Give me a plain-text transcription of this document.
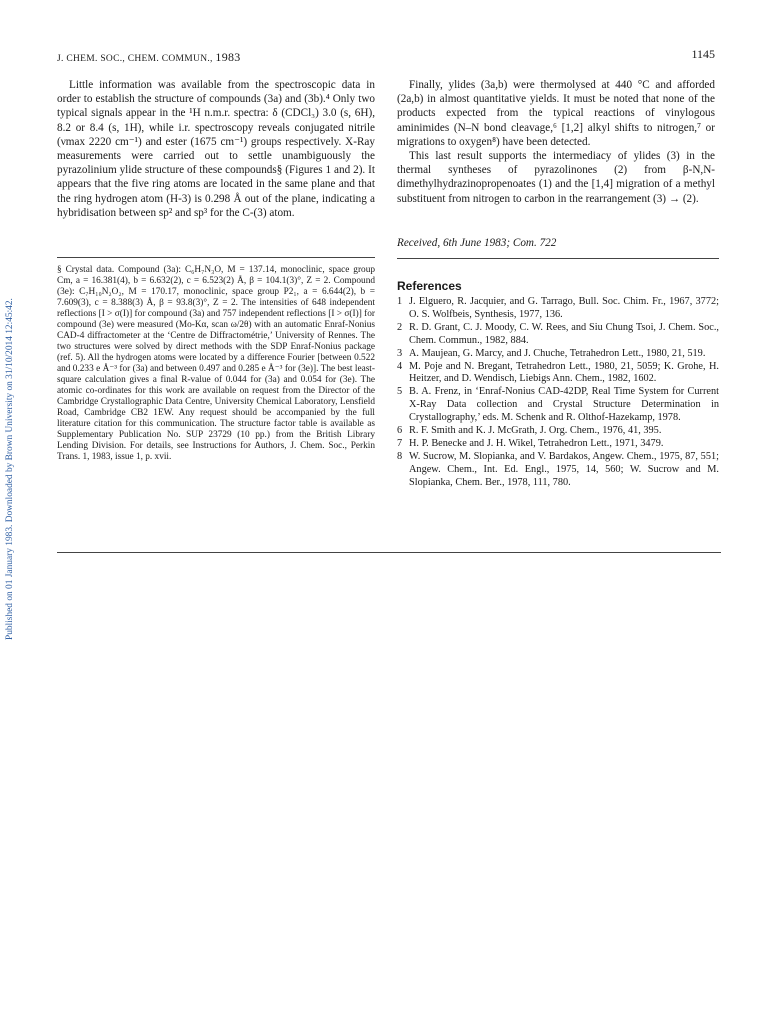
J. CHEM. SOC., CHEM. COMMUN., 1983	1145
Published on 01 January 1983. Downloaded by Brown University on 31/10/2014 12:45:42.

Little information was available from the spectroscopic data in order to establish the structure of compounds (3a) and (3b).⁴ Only two typical signals appear in the ¹H n.m.r. spectra: δ (CDCl₃) 3.0 (s, 6H), 8.2 or 8.4 (s, 1H), while i.r. spectroscopy reveals conjugated nitrile (νmax 2220 cm⁻¹) and ester (1675 cm⁻¹) groups respectively. X-Ray measurements were carried out to settle unambiguously the pyrazolinium ylide structure of these compounds§ (Figures 1 and 2). It appears that the five ring atoms are located in the same plane and that the ring hydrogen atom (H-3) is 0.298 Å out of the plane, indicating a hybridisation between sp² and sp³ for the C-(3) atom.

§ Crystal data. Compound (3a): C₆H₇N₃O, M = 137.14, monoclinic, space group Cm, a = 16.381(4), b = 6.632(2), c = 6.523(2) Å, β = 104.1(3)°, Z = 2. Compound (3e): C₇H₁₀N₂O₂, M = 170.17, monoclinic, space group P2₁, a = 6.644(2), b = 7.609(3), c = 8.388(3) Å, β = 93.8(3)°, Z = 2. The intensities of 648 independent reflections [I > σ(I)] for compound (3a) and 757 independent reflections [I > σ(I)] for compound (3e) were measured (Mo-Kα, scan ω/2θ) with an automatic Enraf-Nonius CAD-4 diffractometer at the ‘Centre de Diffractométrie,’ University of Rennes. The two structures were solved by direct methods with the SDP Enraf-Nonius package (ref. 5). All the hydrogen atoms were located by a difference Fourier [between 0.522 and 0.233 e Å⁻³ for (3a) and between 0.497 and 0.285 e Å⁻³ for (3e)]. The best least-square calculation gives a final R-value of 0.044 for (3a) and 0.054 for (3e). The atomic co-ordinates for this work are available on request from the Director of the Cambridge Crystallographic Data Centre, University Chemical Laboratory, Lensfield Road, Cambridge CB2 1EW. Any request should be accompanied by the full literature citation for this communication. The structure factor table is available as Supplementary Publication No. SUP 23729 (10 pp.) from the British Library Lending Division. For details, see Instructions for Authors, J. Chem. Soc., Perkin Trans. 1, 1983, issue 1, p. xvii.

Finally, ylides (3a,b) were thermolysed at 440 °C and afforded (2a,b) in almost quantitative yields. It must be noted that none of the products expected from the typical reactions of vinylogous aminimides (N–N bond cleavage,⁶ [1,2] alkyl shifts to nitrogen,⁷ or migrations to oxygen⁸) have been detected.

This last result supports the intermediacy of ylides (3) in the thermal syntheses of pyrazolinones (2) from β-N,N-dimethylhydrazinopropenoates (1) and the [1,4] migration of a methyl substituent from nitrogen to carbon in the rearrangement (3) → (2).

Received, 6th June 1983; Com. 722

References
1 J. Elguero, R. Jacquier, and G. Tarrago, Bull. Soc. Chim. Fr., 1967, 3772; O. S. Wolfbeis, Synthesis, 1977, 136.
2 R. D. Grant, C. J. Moody, C. W. Rees, and Siu Chung Tsoi, J. Chem. Soc., Chem. Commun., 1982, 884.
3 A. Maujean, G. Marcy, and J. Chuche, Tetrahedron Lett., 1980, 21, 519.
4 M. Poje and N. Bregant, Tetrahedron Lett., 1980, 21, 5059; K. Grohe, H. Heitzer, and D. Wendisch, Liebigs Ann. Chem., 1982, 1602.
5 B. A. Frenz, in ‘Enraf-Nonius CAD-42DP, Real Time System for Current X-Ray Data collection and Crystal Structure Determination in Crystallography,’ eds. M. Schenk and R. Olthof-Hazekamp, 1978.
6 R. F. Smith and K. J. McGrath, J. Org. Chem., 1976, 41, 395.
7 H. P. Benecke and J. H. Wikel, Tetrahedron Lett., 1971, 3479.
8 W. Sucrow, M. Slopianka, and V. Bardakos, Angew. Chem., 1975, 87, 551; Angew. Chem., Int. Ed. Engl., 1975, 14, 560; W. Sucrow and M. Slopianka, Chem. Ber., 1978, 111, 780.
